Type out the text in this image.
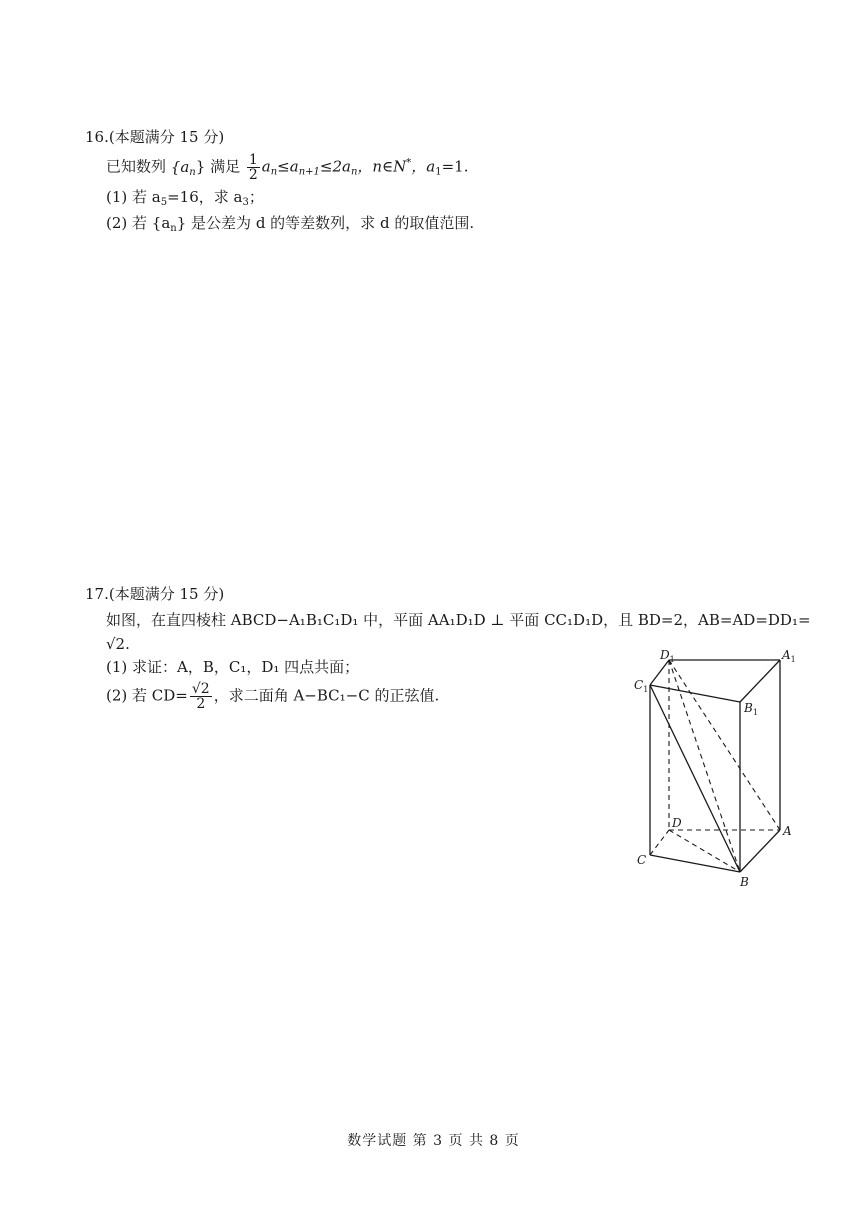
16.(本题满分 15 分)
已知数列 $\{a_n\}$ 满足 $\frac{1}{2} a_n\le a_{n+1}\le 2a_n$，n∈N*，$a_1=1$.
(1) 若 $a_5=16$，求 $a_3$；
(2) 若 $\{a_n\}$ 是公差为 d 的等差数列，求 d 的取值范围.
17.(本题满分 15 分)
如图，在直四棱柱 ABCD−A₁B₁C₁D₁ 中，平面 AA₁D₁D ⊥ 平面 CC₁D₁D，且 BD=2，AB=AD=DD₁=
√2.
(1) 求证：A，B，C₁，D₁ 四点共面；
(2) 若 $CD= \frac{√2}{2}$ ，求二面角 A−BC₁−C 的正弦值.
$D_1$	$A_1$
$C_1$
$B_1$
D
A
C
B
数学试题 第 3 页 共 8 页
